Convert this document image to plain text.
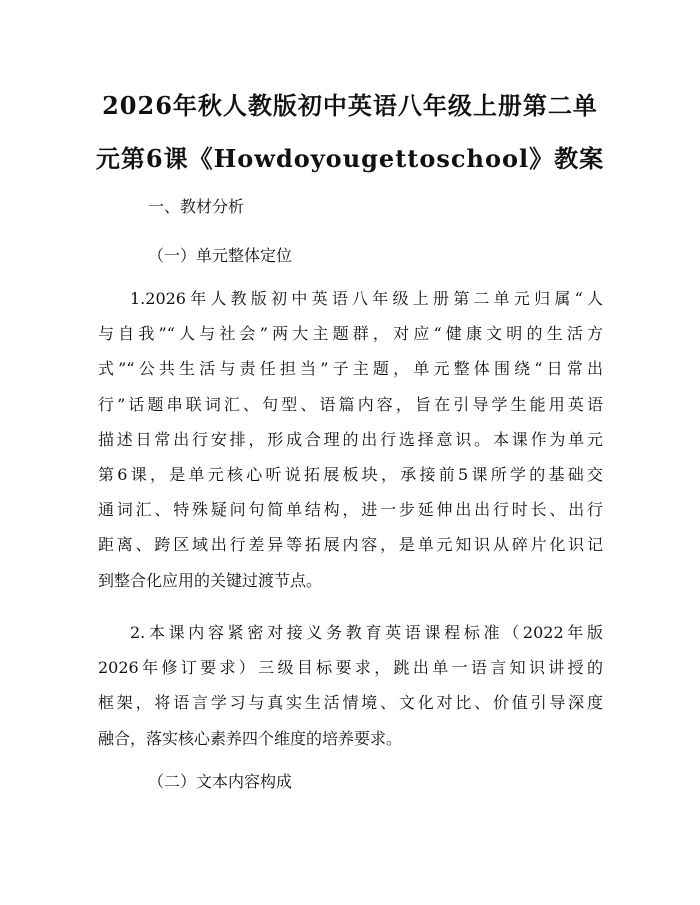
2026年秋人教版初中英语八年级上册第二单
元第6课《Howdoyougettoschool》教案

一、教材分析

（一）单元整体定位

1.2026年人教版初中英语八年级上册第二单元归属“人
与自我”“人与社会”两大主题群，对应“健康文明的生活方
式”“公共生活与责任担当”子主题，单元整体围绕“日常出
行”话题串联词汇、句型、语篇内容，旨在引导学生能用英语
描述日常出行安排，形成合理的出行选择意识。本课作为单元
第6课，是单元核心听说拓展板块，承接前5课所学的基础交
通词汇、特殊疑问句简单结构，进一步延伸出出行时长、出行
距离、跨区域出行差异等拓展内容，是单元知识从碎片化识记
到整合化应用的关键过渡节点。
2.本课内容紧密对接义务教育英语课程标准（2022年版
2026年修订要求）三级目标要求，跳出单一语言知识讲授的
框架，将语言学习与真实生活情境、文化对比、价值引导深度
融合，落实核心素养四个维度的培养要求。

（二）文本内容构成
